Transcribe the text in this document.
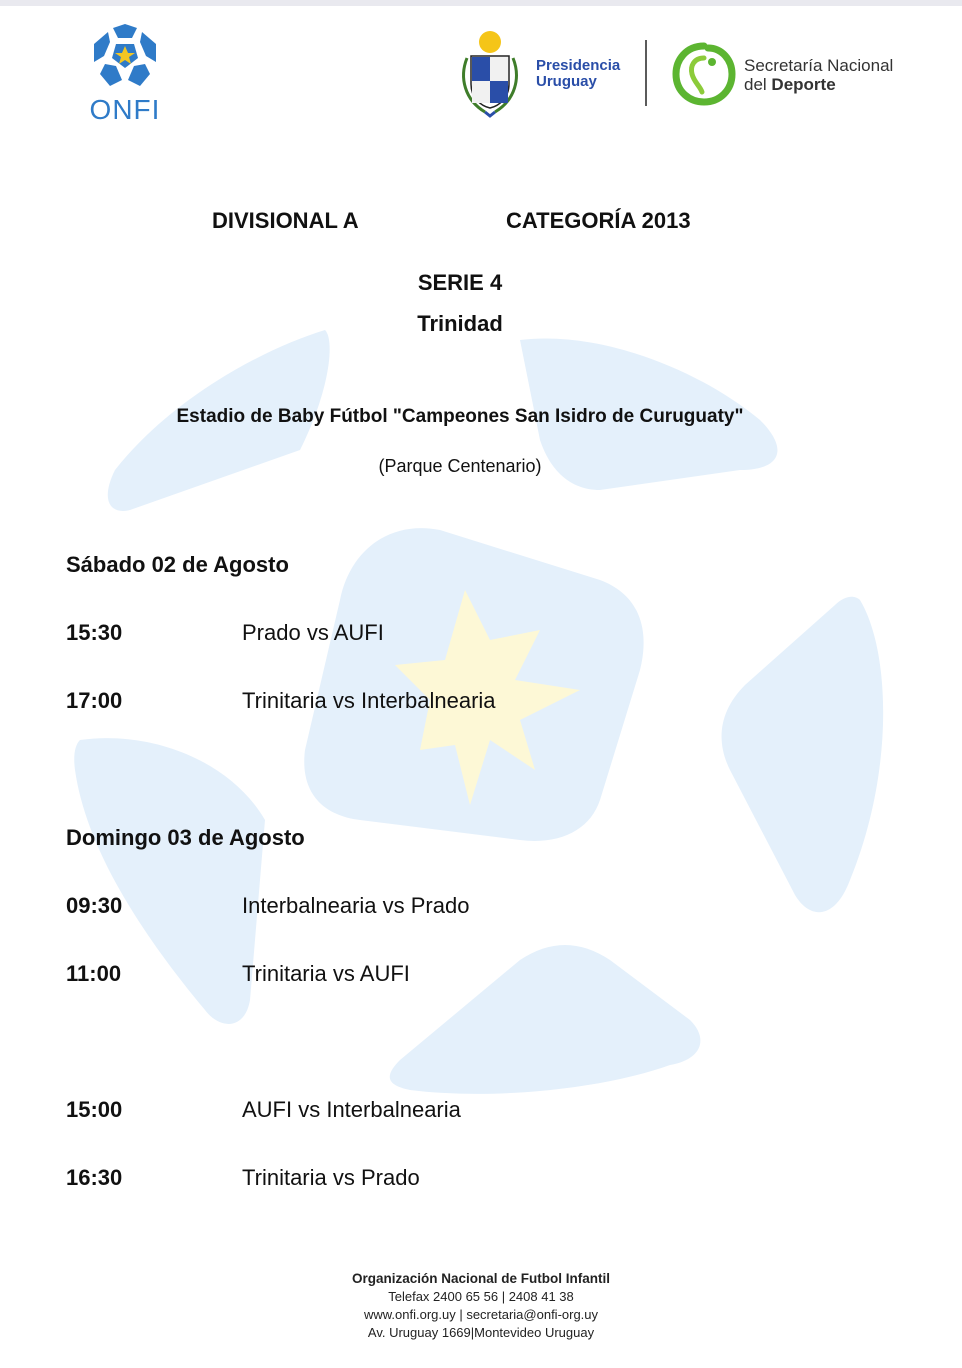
ONFI
Presidencia
Uruguay
Secretaría Nacional
del Deporte
DIVISIONAL A	CATEGORÍA 2013
SERIE 4
Trinidad
Estadio de Baby Fútbol "Campeones San Isidro de Curuguaty"
(Parque Centenario)
Sábado 02 de Agosto
15:30	Prado vs AUFI
17:00	Trinitaria vs Interbalnearia
Domingo 03 de Agosto
09:30	Interbalnearia vs Prado
11:00	Trinitaria vs AUFI
15:00	AUFI vs Interbalnearia
16:30	Trinitaria vs Prado
Organización Nacional de Futbol Infantil
Telefax 2400 65 56 | 2408 41 38
www.onfi.org.uy | secretaria@onfi-org.uy
Av. Uruguay 1669|Montevideo Uruguay
